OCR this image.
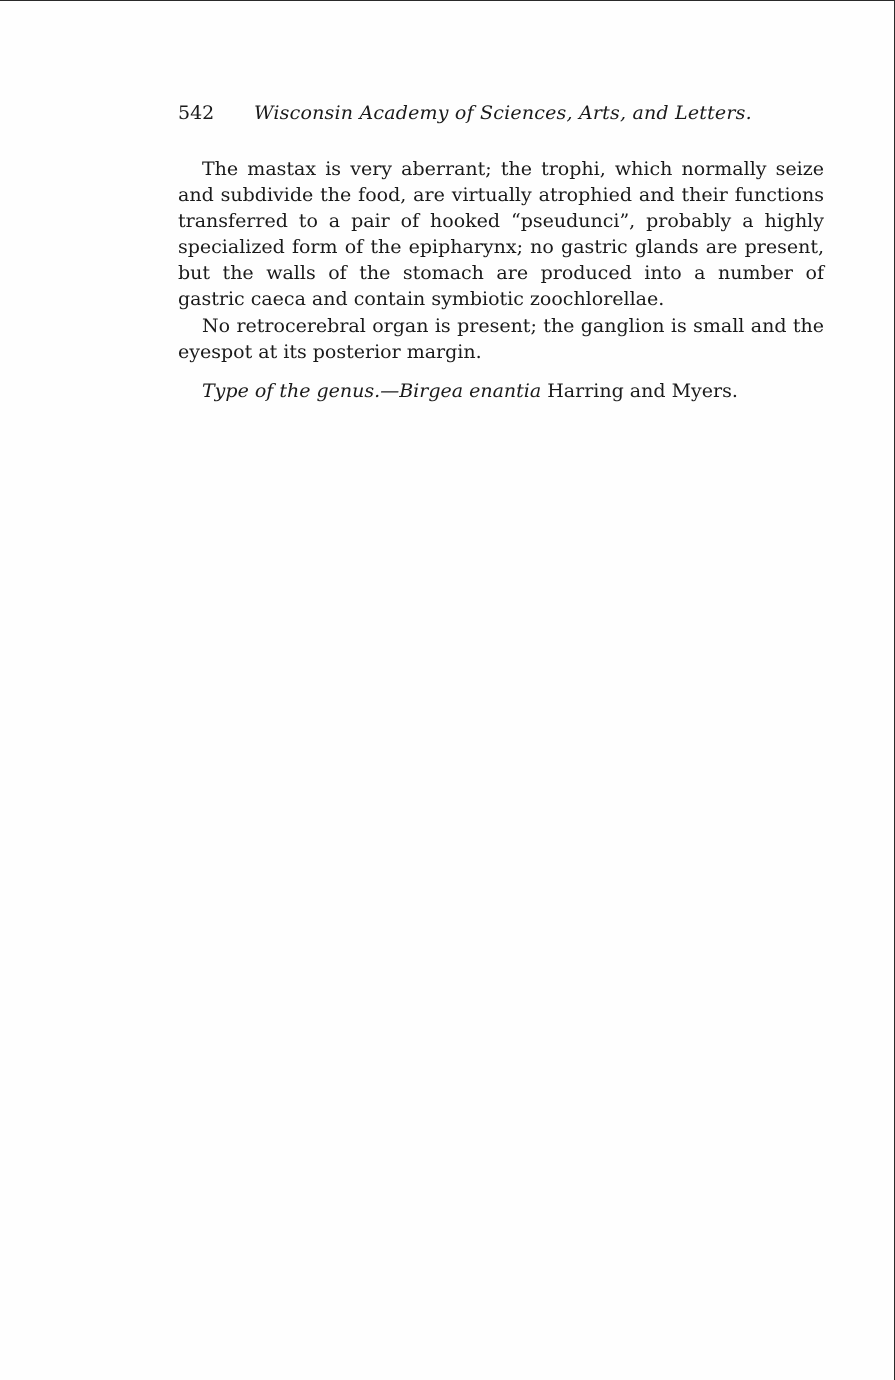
542 Wisconsin Academy of Sciences, Arts, and Letters.

The mastax is very aberrant; the trophi, which normally seize and subdivide the food, are virtually atrophied and their functions transferred to a pair of hooked “pseudunci”, probably a highly specialized form of the epipharynx; no gastric glands are present, but the walls of the stomach are produced into a number of gastric caeca and contain symbiotic zoochlorellae.

No retrocerebral organ is present; the ganglion is small and the eyespot at its posterior margin.

Type of the genus.—Birgea enantia Harring and Myers.
